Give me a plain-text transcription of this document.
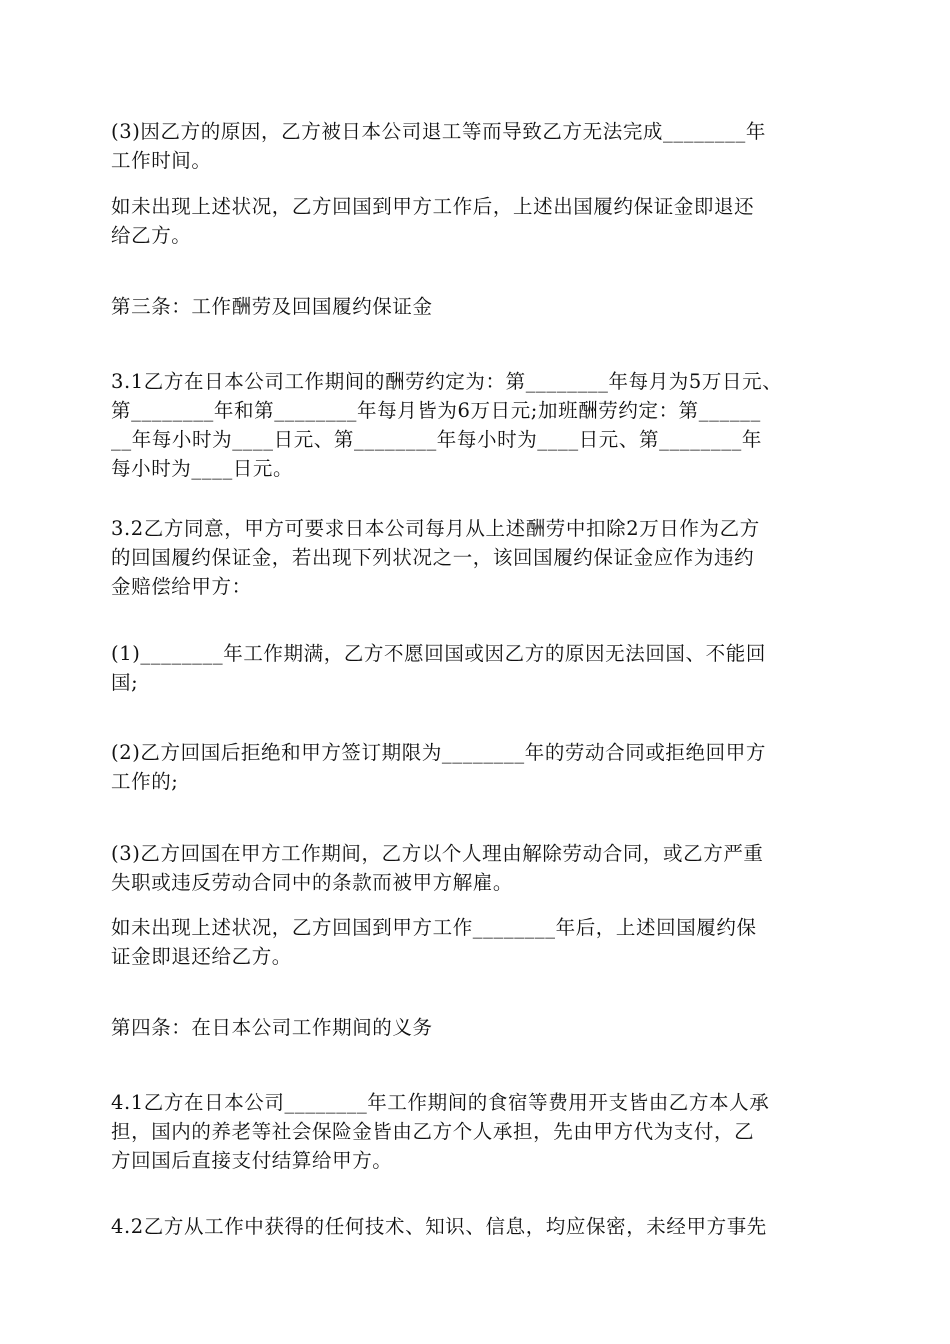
(3)因乙方的原因，乙方被日本公司退工等而导致乙方无法完成________年
工作时间。
如未出现上述状况，乙方回国到甲方工作后，上述出国履约保证金即退还
给乙方。
第三条：工作酬劳及回国履约保证金
3.1乙方在日本公司工作期间的酬劳约定为：第________年每月为5万日元、
第________年和第________年每月皆为6万日元;加班酬劳约定：第______
__年每小时为____日元、第________年每小时为____日元、第________年
每小时为____日元。
3.2乙方同意，甲方可要求日本公司每月从上述酬劳中扣除2万日作为乙方
的回国履约保证金，若出现下列状况之一，该回国履约保证金应作为违约
金赔偿给甲方：
(1)________年工作期满，乙方不愿回国或因乙方的原因无法回国、不能回
国;
(2)乙方回国后拒绝和甲方签订期限为________年的劳动合同或拒绝回甲方
工作的;
(3)乙方回国在甲方工作期间，乙方以个人理由解除劳动合同，或乙方严重
失职或违反劳动合同中的条款而被甲方解雇。
如未出现上述状况，乙方回国到甲方工作________年后，上述回国履约保
证金即退还给乙方。
第四条：在日本公司工作期间的义务
4.1乙方在日本公司________年工作期间的食宿等费用开支皆由乙方本人承
担，国内的养老等社会保险金皆由乙方个人承担，先由甲方代为支付，乙
方回国后直接支付结算给甲方。
4.2乙方从工作中获得的任何技术、知识、信息，均应保密，未经甲方事先
